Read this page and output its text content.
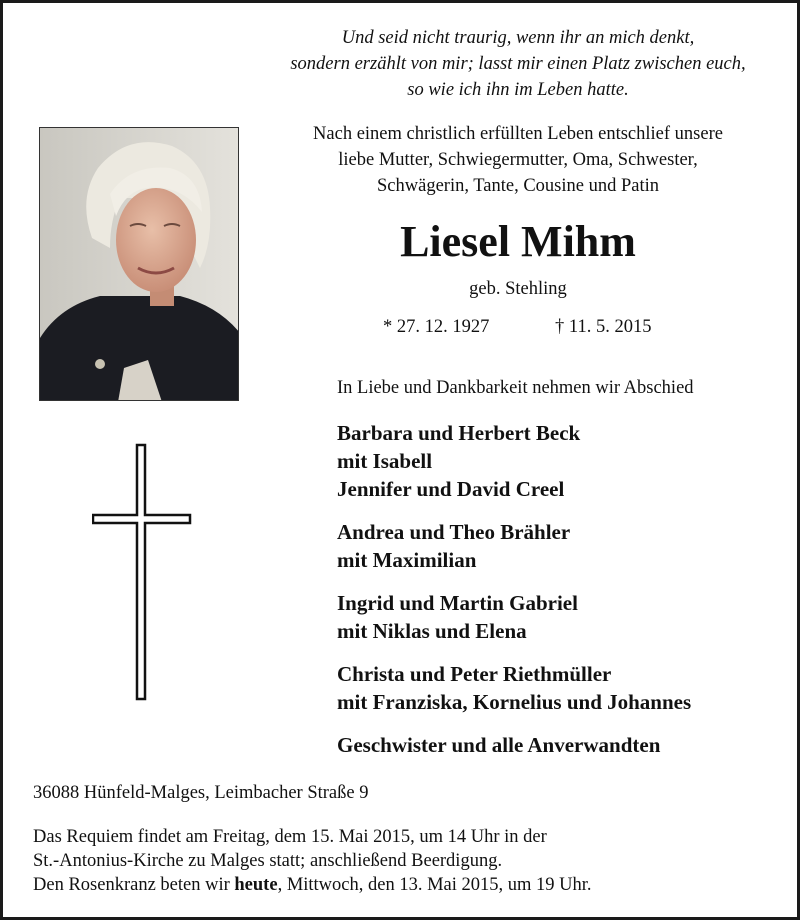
Und seid nicht traurig, wenn ihr an mich denkt,
sondern erzählt von mir; lasst mir einen Platz zwischen euch,
so wie ich ihn im Leben hatte.
Nach einem christlich erfüllten Leben entschlief unsere
liebe Mutter, Schwiegermutter, Oma, Schwester,
Schwägerin, Tante, Cousine und Patin
Liesel Mihm
geb. Stehling
* 27. 12. 1927	† 11. 5. 2015
In Liebe und Dankbarkeit nehmen wir Abschied
Barbara und Herbert Beck
mit Isabell
Jennifer und David Creel
Andrea und Theo Brähler
mit Maximilian
Ingrid und Martin Gabriel
mit Niklas und Elena
Christa und Peter Riethmüller
mit Franziska, Kornelius und Johannes
Geschwister und alle Anverwandten
36088 Hünfeld-Malges, Leimbacher Straße 9
Das Requiem findet am Freitag, dem 15. Mai 2015, um 14 Uhr in der
St.-Antonius-Kirche zu Malges statt; anschließend Beerdigung.
Den Rosenkranz beten wir heute, Mittwoch, den 13. Mai 2015, um 19 Uhr.
